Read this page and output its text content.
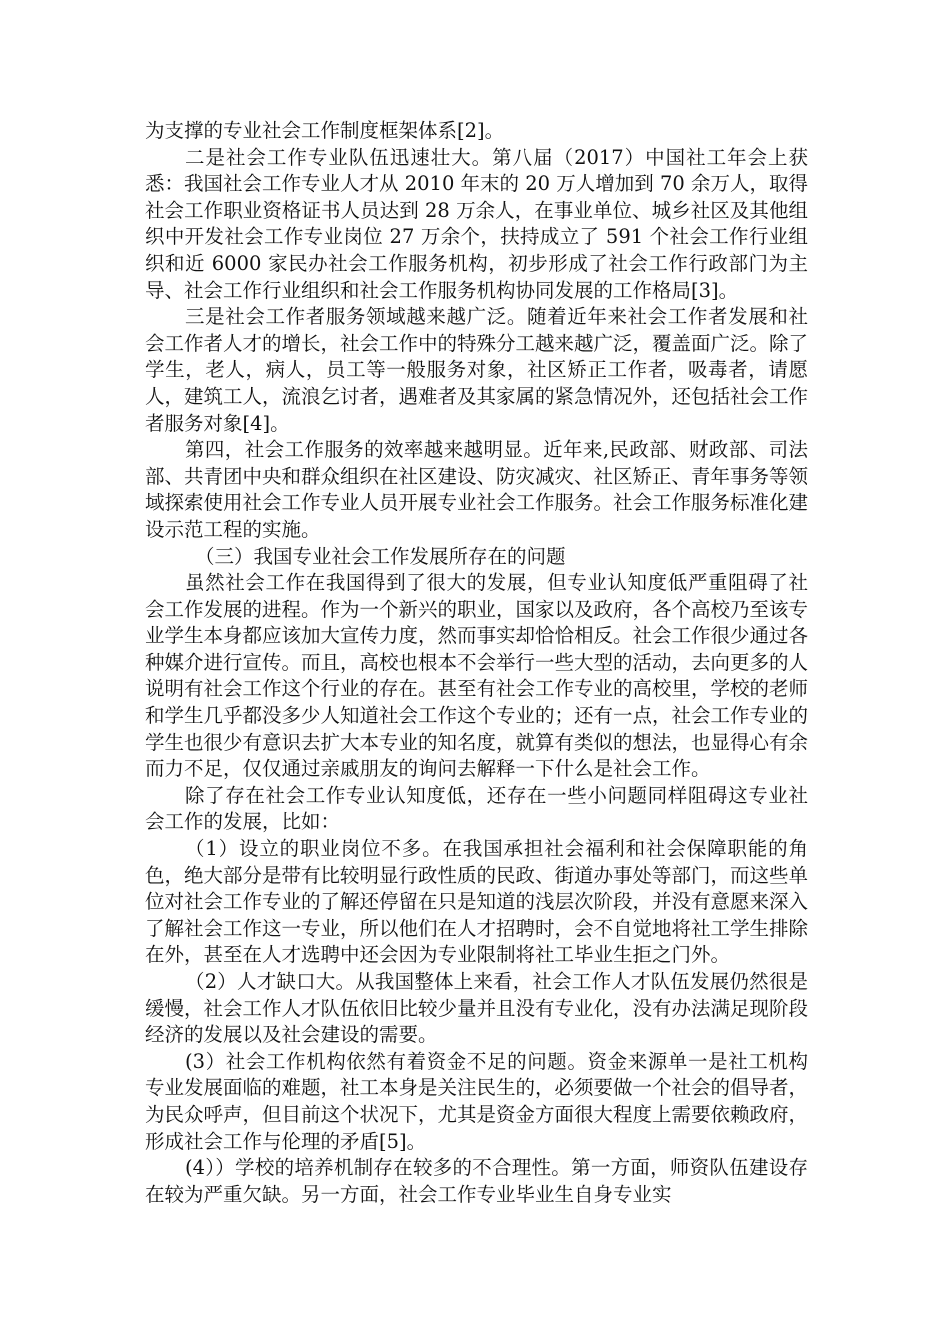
为支撑的专业社会工作制度框架体系[2]。

二是社会工作专业队伍迅速壮大。第八届（2017）中国社工年会上获悉：我国社会工作专业人才从 2010 年末的 20 万人增加到 70 余万人，取得社会工作职业资格证书人员达到 28 万余人，在事业单位、城乡社区及其他组织中开发社会工作专业岗位 27 万余个，扶持成立了 591 个社会工作行业组织和近 6000 家民办社会工作服务机构，初步形成了社会工作行政部门为主导、社会工作行业组织和社会工作服务机构协同发展的工作格局[3]。

三是社会工作者服务领域越来越广泛。随着近年来社会工作者发展和社会工作者人才的增长，社会工作中的特殊分工越来越广泛，覆盖面广泛。除了学生，老人，病人，员工等一般服务对象，社区矫正工作者，吸毒者，请愿人，建筑工人，流浪乞讨者，遇难者及其家属的紧急情况外，还包括社会工作者服务对象[4]。

第四，社会工作服务的效率越来越明显。近年来,民政部、财政部、司法部、共青团中央和群众组织在社区建设、防灾减灾、社区矫正、青年事务等领域探索使用社会工作专业人员开展专业社会工作服务。社会工作服务标准化建设示范工程的实施。

（三）我国专业社会工作发展所存在的问题

虽然社会工作在我国得到了很大的发展，但专业认知度低严重阻碍了社会工作发展的进程。作为一个新兴的职业，国家以及政府，各个高校乃至该专业学生本身都应该加大宣传力度，然而事实却恰恰相反。社会工作很少通过各种媒介进行宣传。而且，高校也根本不会举行一些大型的活动，去向更多的人说明有社会工作这个行业的存在。甚至有社会工作专业的高校里，学校的老师和学生几乎都没多少人知道社会工作这个专业的；还有一点，社会工作专业的学生也很少有意识去扩大本专业的知名度，就算有类似的想法，也显得心有余而力不足，仅仅通过亲戚朋友的询问去解释一下什么是社会工作。

除了存在社会工作专业认知度低，还存在一些小问题同样阻碍这专业社会工作的发展，比如：

（1）设立的职业岗位不多。在我国承担社会福利和社会保障职能的角色，绝大部分是带有比较明显行政性质的民政、街道办事处等部门，而这些单位对社会工作专业的了解还停留在只是知道的浅层次阶段，并没有意愿来深入了解社会工作这一专业，所以他们在人才招聘时，会不自觉地将社工学生排除在外，甚至在人才选聘中还会因为专业限制将社工毕业生拒之门外。

（2）人才缺口大。从我国整体上来看，社会工作人才队伍发展仍然很是缓慢，社会工作人才队伍依旧比较少量并且没有专业化，没有办法满足现阶段经济的发展以及社会建设的需要。

(3）社会工作机构依然有着资金不足的问题。资金来源单一是社工机构专业发展面临的难题，社工本身是关注民生的，必须要做一个社会的倡导者，为民众呼声，但目前这个状况下，尤其是资金方面很大程度上需要依赖政府，形成社会工作与伦理的矛盾[5]。

(4））学校的培养机制存在较多的不合理性。第一方面，师资队伍建设存在较为严重欠缺。另一方面，社会工作专业毕业生自身专业实
